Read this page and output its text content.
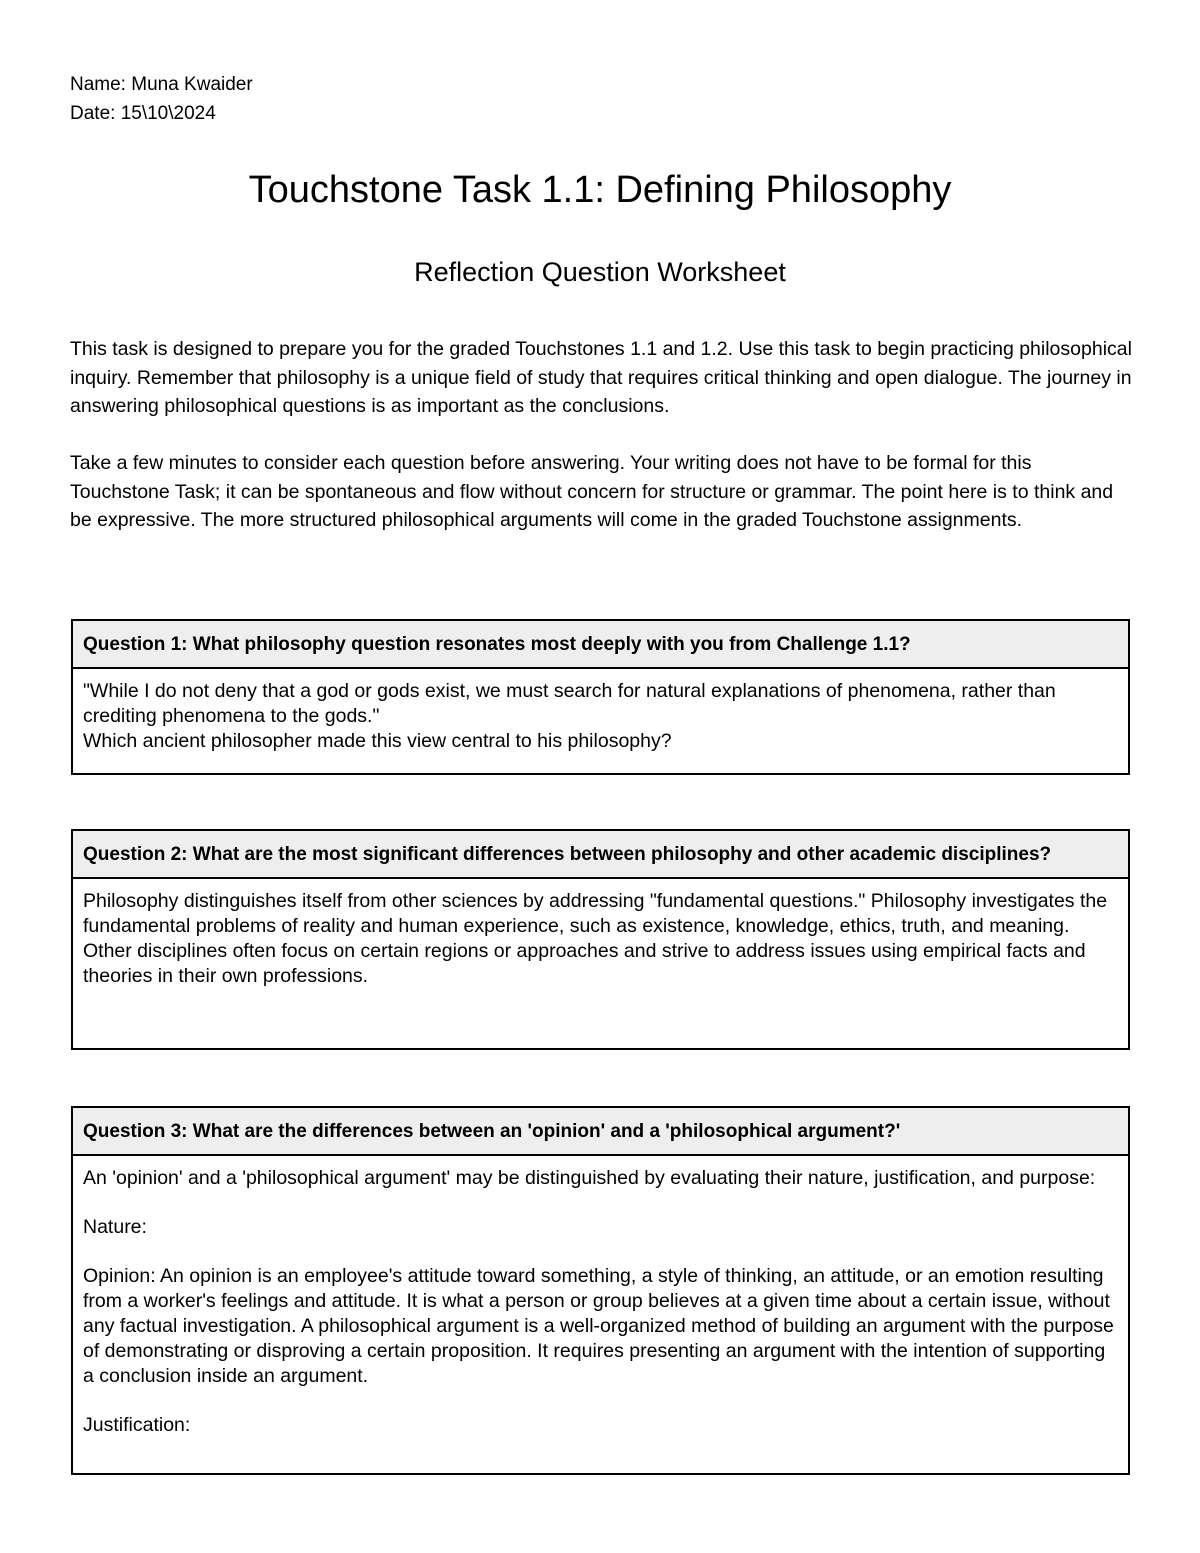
Name: Muna Kwaider
Date: 15\10\2024
Touchstone Task 1.1: Defining Philosophy
Reflection Question Worksheet

This task is designed to prepare you for the graded Touchstones 1.1 and 1.2. Use this task to begin practicing philosophical inquiry. Remember that philosophy is a unique field of study that requires critical thinking and open dialogue. The journey in answering philosophical questions is as important as the conclusions.

Take a few minutes to consider each question before answering. Your writing does not have to be formal for this Touchstone Task; it can be spontaneous and flow without concern for structure or grammar. The point here is to think and be expressive. The more structured philosophical arguments will come in the graded Touchstone assignments.

Question 1: What philosophy question resonates most deeply with you from Challenge 1.1?

"While I do not deny that a god or gods exist, we must search for natural explanations of phenomena, rather than crediting phenomena to the gods."

Which ancient philosopher made this view central to his philosophy?

Question 2: What are the most significant differences between philosophy and other academic disciplines?

Philosophy distinguishes itself from other sciences by addressing "fundamental questions." Philosophy investigates the fundamental problems of reality and human experience, such as existence, knowledge, ethics, truth, and meaning. Other disciplines often focus on certain regions or approaches and strive to address issues using empirical facts and theories in their own professions.

Question 3: What are the differences between an 'opinion' and a 'philosophical argument?'

An 'opinion' and a 'philosophical argument' may be distinguished by evaluating their nature, justification, and purpose:

Nature:

Opinion: An opinion is an employee's attitude toward something, a style of thinking, an attitude, or an emotion resulting from a worker's feelings and attitude. It is what a person or group believes at a given time about a certain issue, without any factual investigation. A philosophical argument is a well-organized method of building an argument with the purpose of demonstrating or disproving a certain proposition. It requires presenting an argument with the intention of supporting a conclusion inside an argument.

Justification:
